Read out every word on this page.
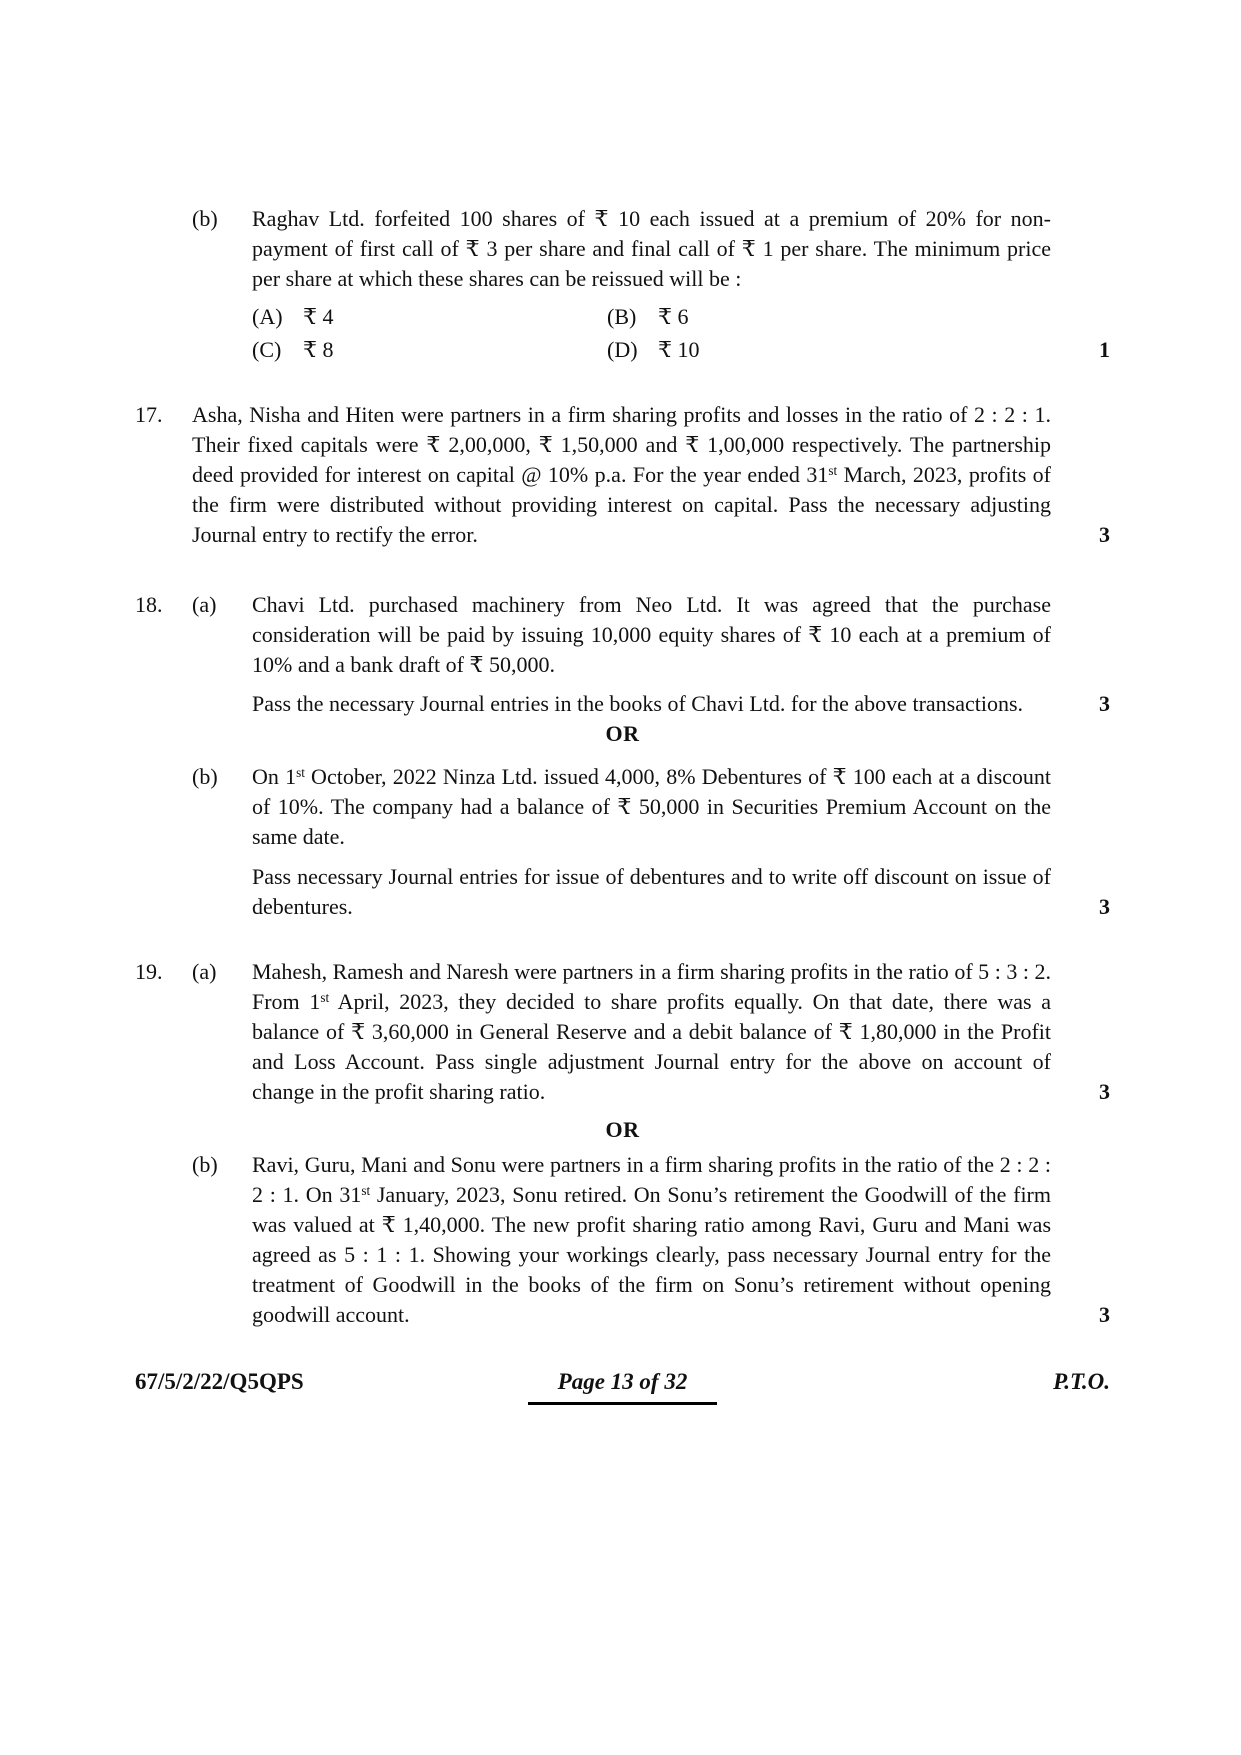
(b)	Raghav Ltd. forfeited 100 shares of ₹ 10 each issued at a premium of 20% for non-payment of first call of ₹ 3 per share and final call of ₹ 1 per share. The minimum price per share at which these shares can be reissued will be :

(A) ₹ 4	(B) ₹ 6
(C) ₹ 8	(D) ₹ 10	1
17.	Asha, Nisha and Hiten were partners in a firm sharing profits and losses in the ratio of 2 : 2 : 1. Their fixed capitals were ₹ 2,00,000, ₹ 1,50,000 and ₹ 1,00,000 respectively. The partnership deed provided for interest on capital @ 10% p.a. For the year ended 31st March, 2023, profits of the firm were distributed without providing interest on capital. Pass the necessary adjusting Journal entry to rectify the error.	3
18.	(a)	Chavi Ltd. purchased machinery from Neo Ltd. It was agreed that the purchase consideration will be paid by issuing 10,000 equity shares of ₹ 10 each at a premium of 10% and a bank draft of ₹ 50,000.

Pass the necessary Journal entries in the books of Chavi Ltd. for the above transactions.	3
OR
(b)	On 1st October, 2022 Ninza Ltd. issued 4,000, 8% Debentures of ₹ 100 each at a discount of 10%. The company had a balance of ₹ 50,000 in Securities Premium Account on the same date.

Pass necessary Journal entries for issue of debentures and to write off discount on issue of debentures.	3
19.	(a)	Mahesh, Ramesh and Naresh were partners in a firm sharing profits in the ratio of 5 : 3 : 2. From 1st April, 2023, they decided to share profits equally. On that date, there was a balance of ₹ 3,60,000 in General Reserve and a debit balance of ₹ 1,80,000 in the Profit and Loss Account. Pass single adjustment Journal entry for the above on account of change in the profit sharing ratio.	3
OR
(b)	Ravi, Guru, Mani and Sonu were partners in a firm sharing profits in the ratio of the 2 : 2 : 2 : 1. On 31st January, 2023, Sonu retired. On Sonu’s retirement the Goodwill of the firm was valued at ₹ 1,40,000. The new profit sharing ratio among Ravi, Guru and Mani was agreed as 5 : 1 : 1. Showing your workings clearly, pass necessary Journal entry for the treatment of Goodwill in the books of the firm on Sonu’s retirement without opening goodwill account.	3
67/5/2/22/Q5QPS	Page 13 of 32	P.T.O.
